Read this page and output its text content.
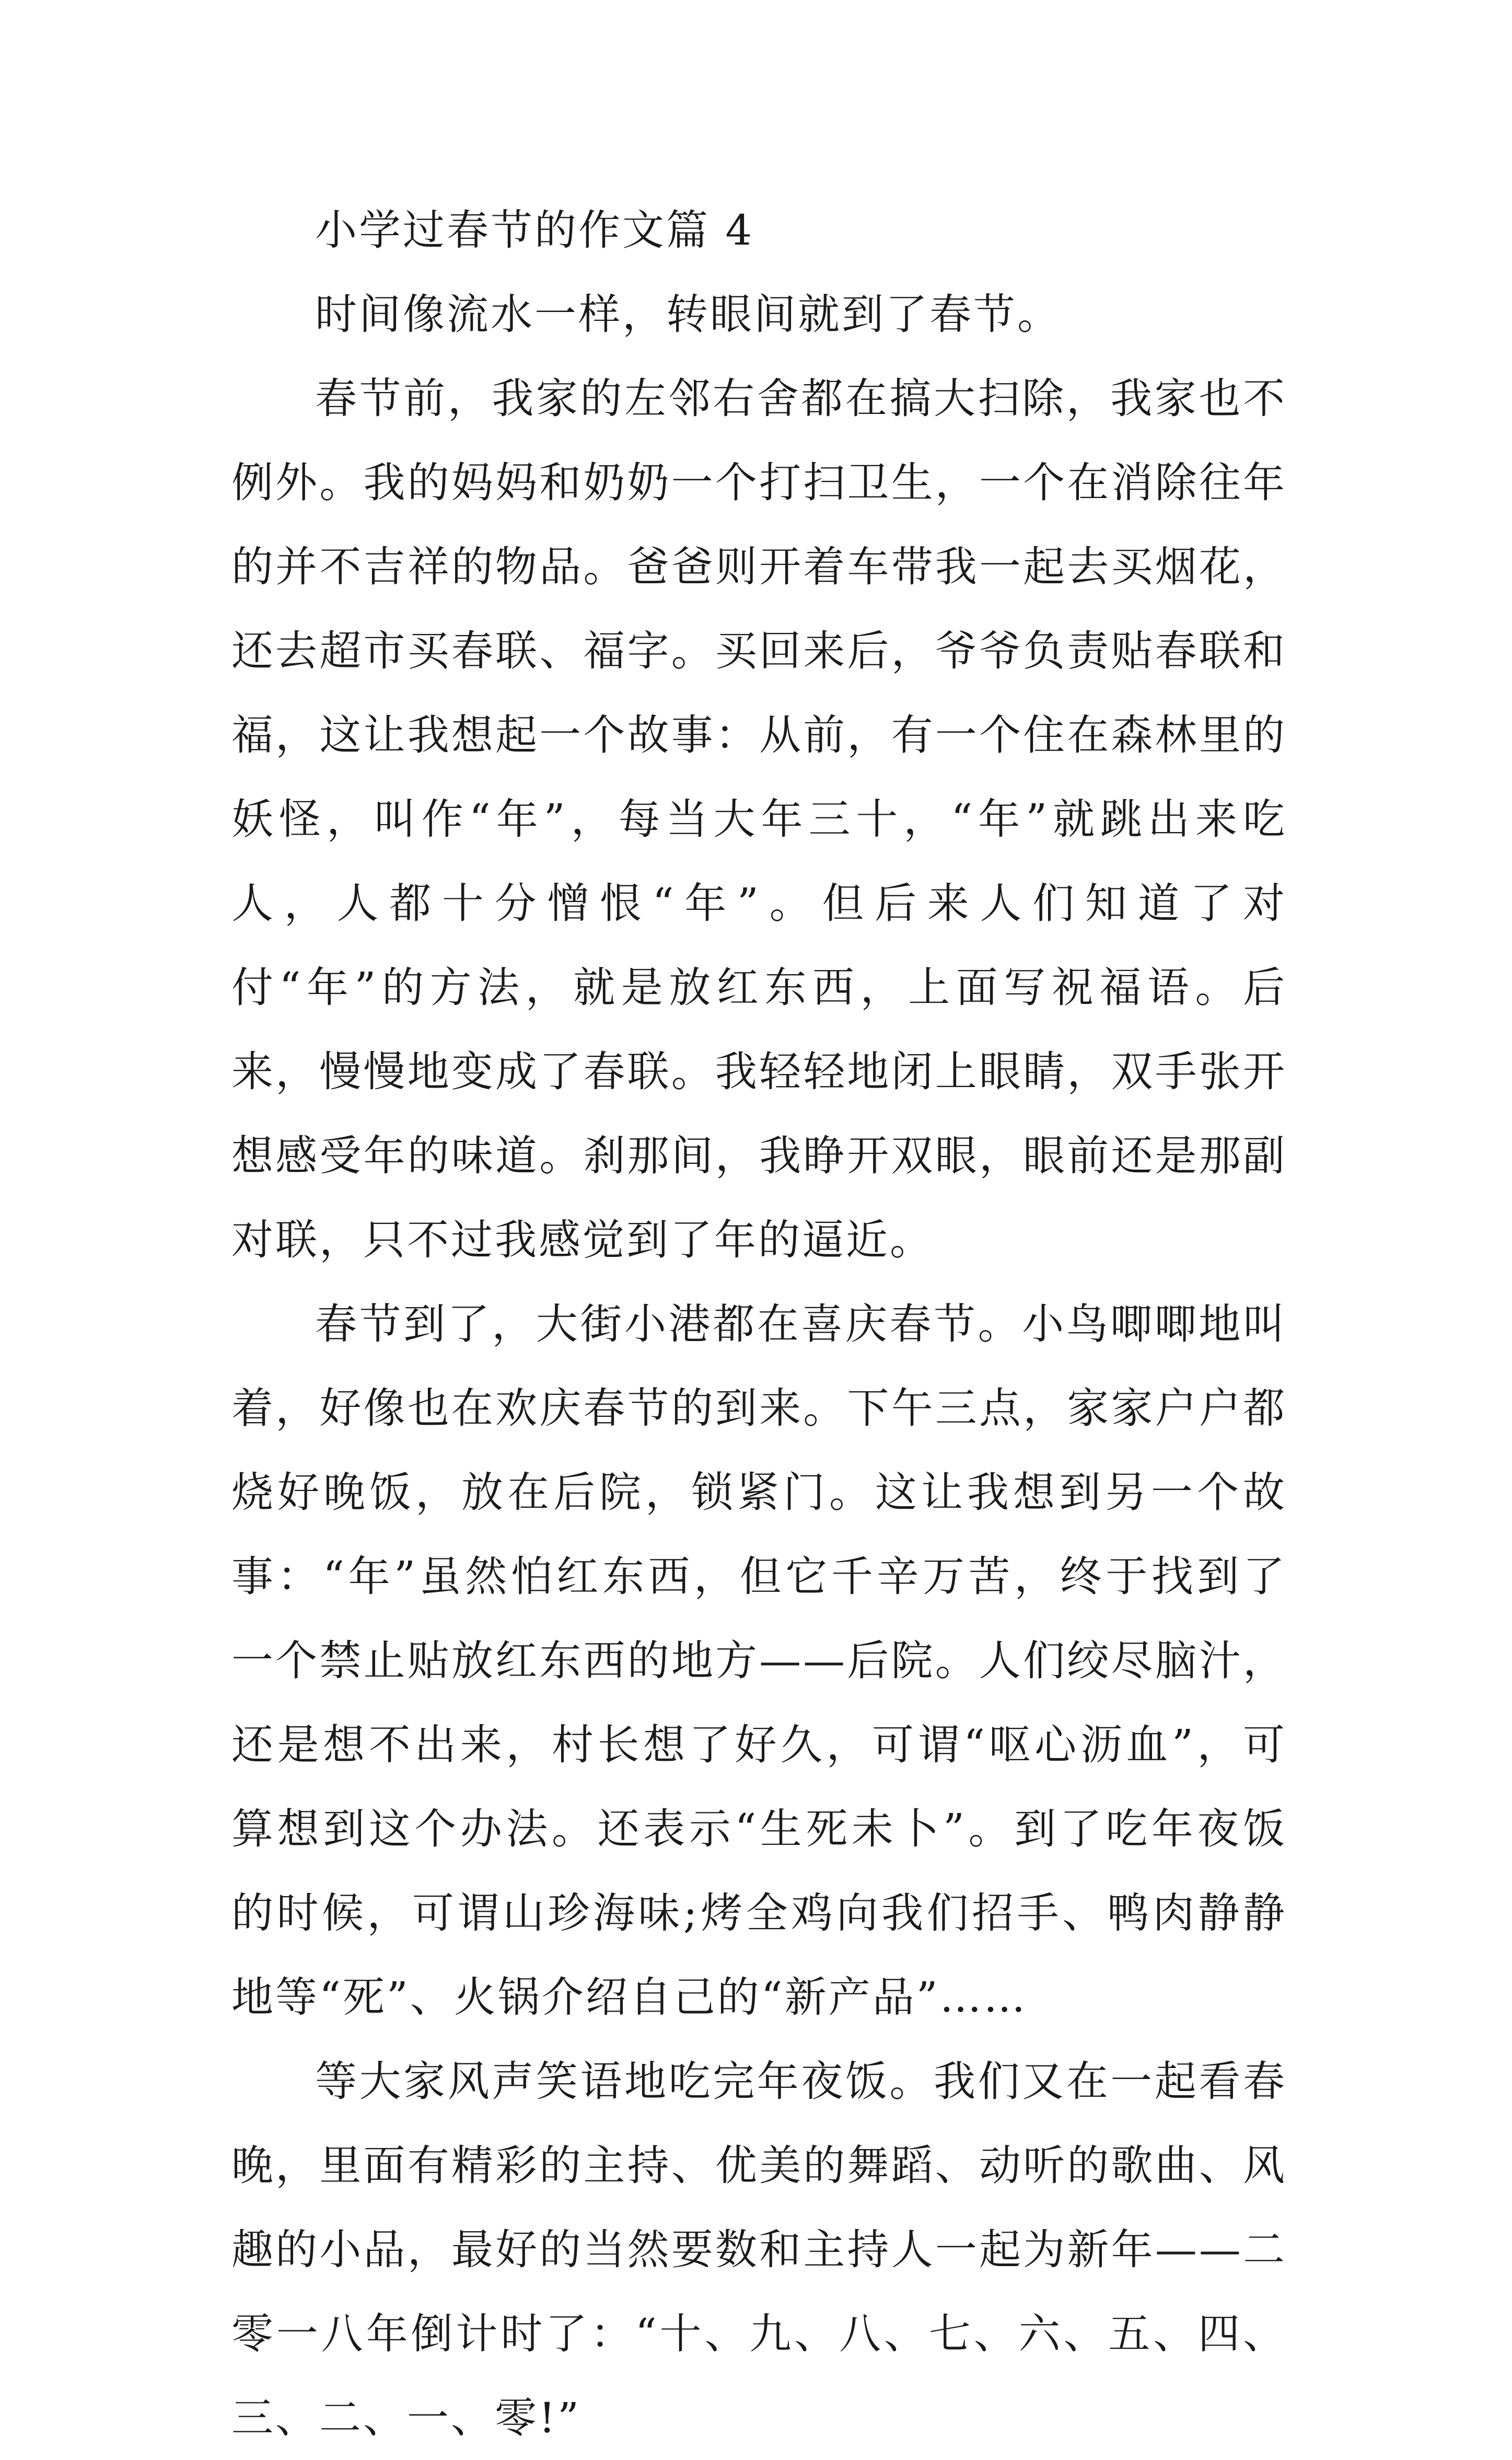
小学过春节的作文篇 4

时间像流水一样，转眼间就到了春节。

春节前，我家的左邻右舍都在搞大扫除，我家也不例外。我的妈妈和奶奶一个打扫卫生，一个在消除往年的并不吉祥的物品。爸爸则开着车带我一起去买烟花，还去超市买春联、福字。买回来后，爷爷负责贴春联和福，这让我想起一个故事：从前，有一个住在森林里的妖怪，叫作“年”，每当大年三十，“年”就跳出来吃人，人都十分憎恨“年”。但后来人们知道了对付“年”的方法，就是放红东西，上面写祝福语。后来，慢慢地变成了春联。我轻轻地闭上眼睛，双手张开想感受年的味道。刹那间，我睁开双眼，眼前还是那副对联，只不过我感觉到了年的逼近。

春节到了，大街小港都在喜庆春节。小鸟唧唧地叫着，好像也在欢庆春节的到来。下午三点，家家户户都烧好晚饭，放在后院，锁紧门。这让我想到另一个故事：“年”虽然怕红东西，但它千辛万苦，终于找到了一个禁止贴放红东西的地方——后院。人们绞尽脑汁，还是想不出来，村长想了好久，可谓“呕心沥血”，可算想到这个办法。还表示“生死未卜”。到了吃年夜饭的时候，可谓山珍海味;烤全鸡向我们招手、鸭肉静静地等“死”、火锅介绍自己的“新产品”……

等大家风声笑语地吃完年夜饭。我们又在一起看春晚，里面有精彩的主持、优美的舞蹈、动听的歌曲、风趣的小品，最好的当然要数和主持人一起为新年——二零一八年倒计时了：“十、九、八、七、六、五、四、三、二、一、零!”
